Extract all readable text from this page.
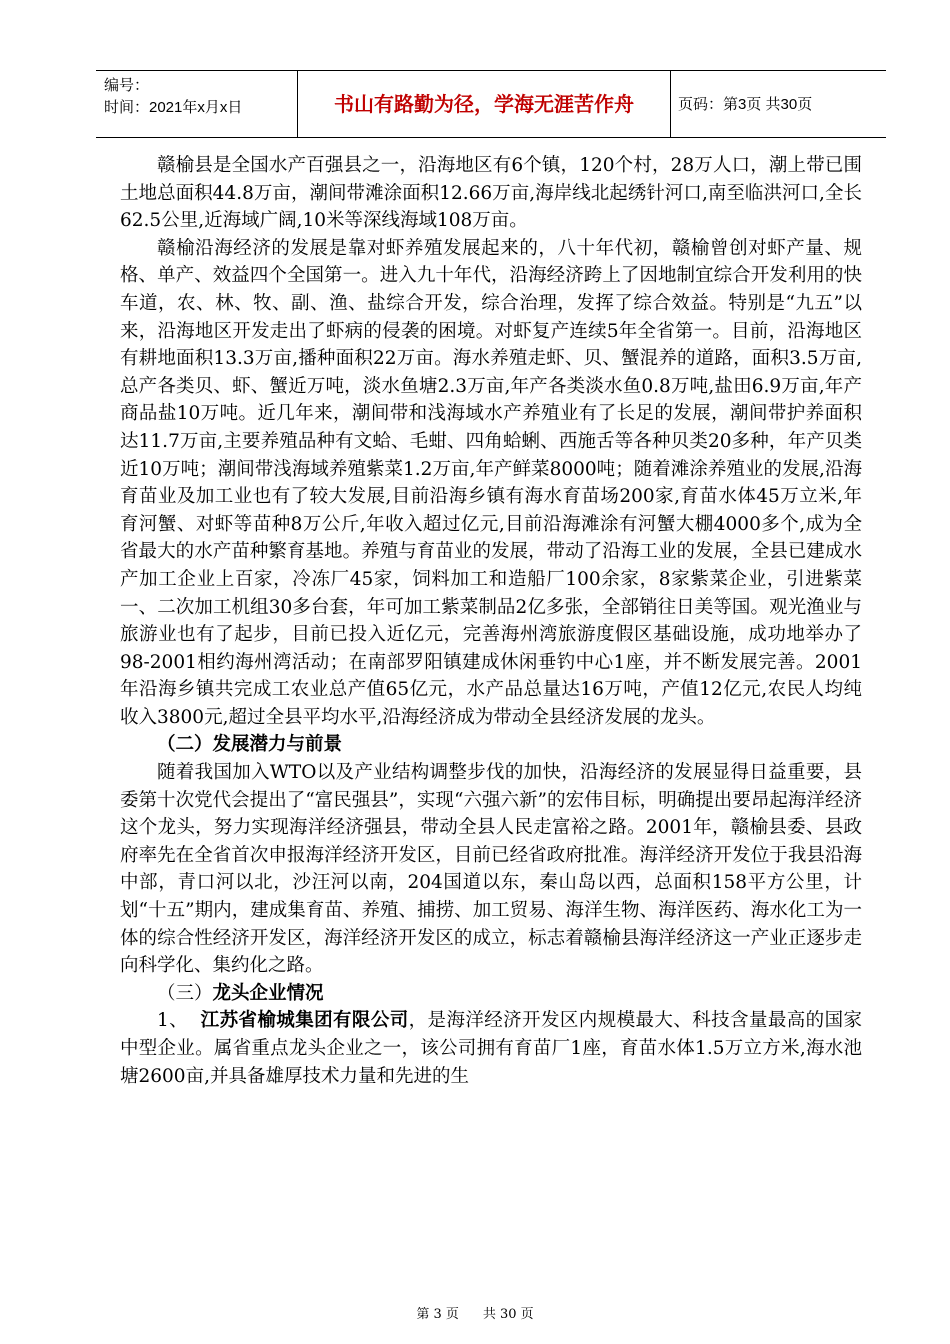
编号：
时间：2021年x月x日	书山有路勤为径，学海无涯苦作舟	页码：第3页 共30页

赣榆县是全国水产百强县之一，沿海地区有6个镇，120个村，28万人口，潮上带已围土地总面积44.8万亩，潮间带滩涂面积12.66万亩,海岸线北起绣针河口,南至临洪河口,全长62.5公里,近海域广阔,10米等深线海域108万亩。

赣榆沿海经济的发展是靠对虾养殖发展起来的，八十年代初，赣榆曾创对虾产量、规格、单产、效益四个全国第一。进入九十年代，沿海经济跨上了因地制宜综合开发利用的快车道，农、林、牧、副、渔、盐综合开发，综合治理，发挥了综合效益。特别是“九五”以来，沿海地区开发走出了虾病的侵袭的困境。对虾复产连续5年全省第一。目前，沿海地区有耕地面积13.3万亩,播种面积22万亩。海水养殖走虾、贝、蟹混养的道路，面积3.5万亩,总产各类贝、虾、蟹近万吨，淡水鱼塘2.3万亩,年产各类淡水鱼0.8万吨,盐田6.9万亩,年产商品盐10万吨。近几年来，潮间带和浅海域水产养殖业有了长足的发展，潮间带护养面积达11.7万亩,主要养殖品种有文蛤、毛蚶、四角蛤蜊、西施舌等各种贝类20多种，年产贝类近10万吨；潮间带浅海域养殖紫菜1.2万亩,年产鲜菜8000吨；随着滩涂养殖业的发展,沿海育苗业及加工业也有了较大发展,目前沿海乡镇有海水育苗场200家,育苗水体45万立米,年育河蟹、对虾等苗种8万公斤,年收入超过亿元,目前沿海滩涂有河蟹大棚4000多个,成为全省最大的水产苗种繁育基地。养殖与育苗业的发展，带动了沿海工业的发展，全县已建成水产加工企业上百家，冷冻厂45家，饲料加工和造船厂100余家，8家紫菜企业，引进紫菜一、二次加工机组30多台套，年可加工紫菜制品2亿多张，全部销往日美等国。观光渔业与旅游业也有了起步，目前已投入近亿元，完善海州湾旅游度假区基础设施，成功地举办了98-2001相约海州湾活动；在南部罗阳镇建成休闲垂钓中心1座，并不断发展完善。2001年沿海乡镇共完成工农业总产值65亿元，水产品总量达16万吨，产值12亿元,农民人均纯收入3800元,超过全县平均水平,沿海经济成为带动全县经济发展的龙头。

（二）发展潜力与前景

随着我国加入WTO以及产业结构调整步伐的加快，沿海经济的发展显得日益重要，县委第十次党代会提出了“富民强县”，实现“六强六新”的宏伟目标，明确提出要昂起海洋经济这个龙头，努力实现海洋经济强县，带动全县人民走富裕之路。2001年，赣榆县委、县政府率先在全省首次申报海洋经济开发区，目前已经省政府批准。海洋经济开发位于我县沿海中部，青口河以北，沙汪河以南，204国道以东，秦山岛以西，总面积158平方公里，计划“十五”期内，建成集育苗、养殖、捕捞、加工贸易、海洋生物、海洋医药、海水化工为一体的综合性经济开发区，海洋经济开发区的成立，标志着赣榆县海洋经济这一产业正逐步走向科学化、集约化之路。

（三）龙头企业情况

1、 江苏省榆城集团有限公司，是海洋经济开发区内规模最大、科技含量最高的国家中型企业。属省重点龙头企业之一，该公司拥有育苗厂1座，育苗水体1.5万立方米,海水池塘2600亩,并具备雄厚技术力量和先进的生

第 3 页 共 30 页
